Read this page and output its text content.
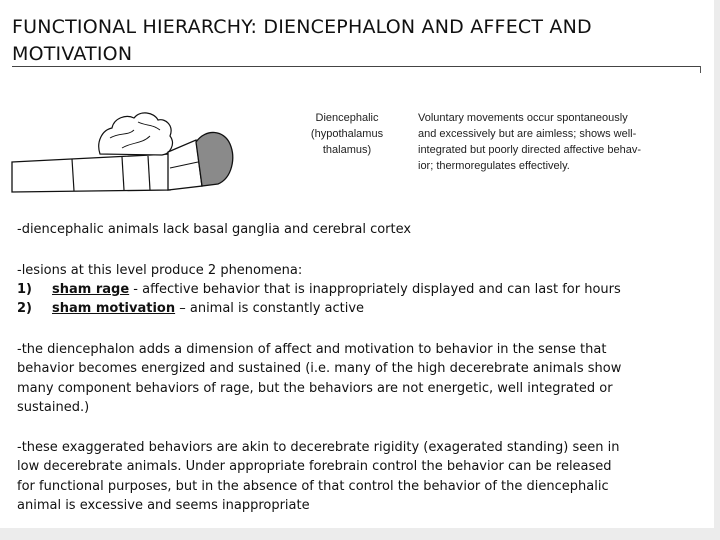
FUNCTIONAL HIERARCHY: DIENCEPHALON AND AFFECT AND
MOTIVATION
Diencephalic
(hypothalamus
thalamus)
Voluntary movements occur spontaneously
and excessively but are aimless; shows well-
integrated but poorly directed affective behav-
ior; thermoregulates effectively.

-diencephalic animals lack basal ganglia and cerebral cortex

-lesions at this level produce 2 phenomena:

1) sham rage - affective behavior that is inappropriately displayed and can last for hours
2) sham motivation – animal is constantly active

-the diencephalon adds a dimension of affect and motivation to behavior in the sense that
behavior becomes energized and sustained (i.e. many of the high decerebrate animals show
many component behaviors of rage, but the behaviors are not energetic, well integrated or
sustained.)

-these exaggerated behaviors are akin to decerebrate rigidity (exagerated standing) seen in
low decerebrate animals. Under appropriate forebrain control the behavior can be released
for functional purposes, but in the absence of that control the behavior of the diencephalic
animal is excessive and seems inappropriate
